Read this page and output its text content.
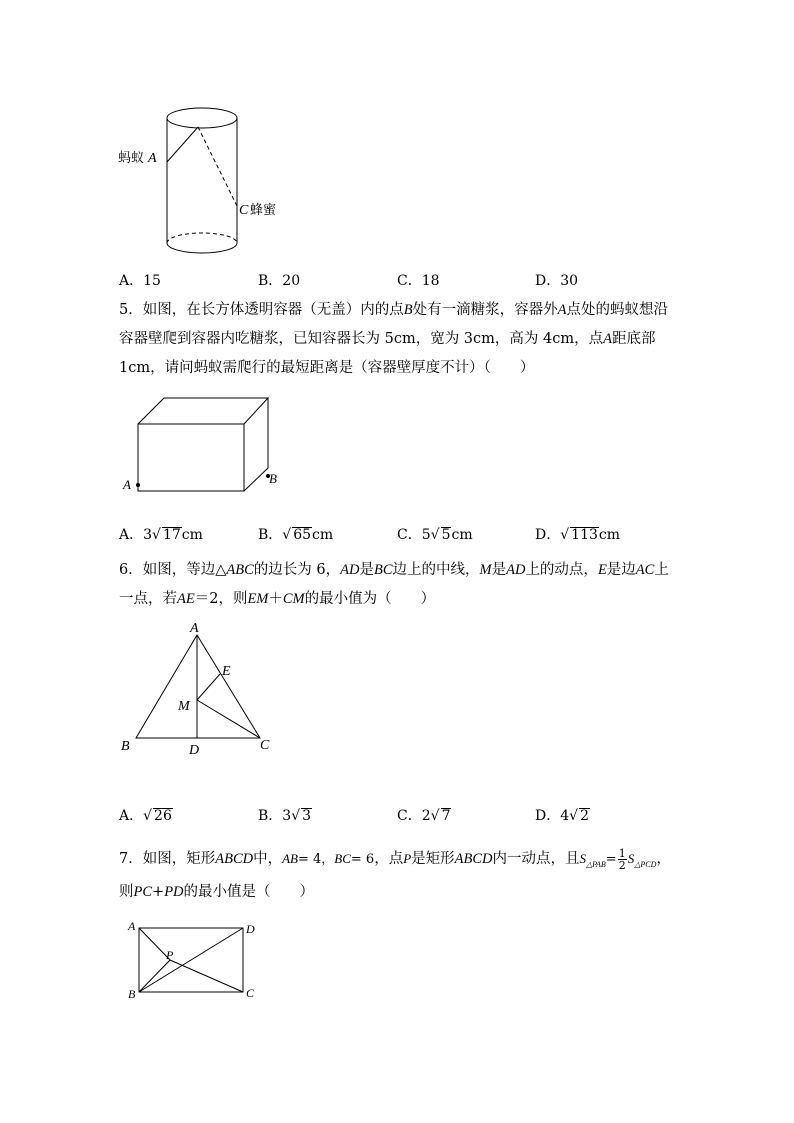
蚂蚁 A
C 蜂蜜
A．15	B．20	C．18	D．30
5．如图，在长方体透明容器（无盖）内的点B处有一滴糖浆，容器外A点处的蚂蚁想沿容器壁爬到容器内吃糖浆，已知容器长为 5cm，宽为 3cm，高为 4cm，点A距底部 1cm，请问蚂蚁需爬行的最短距离是（容器壁厚度不计）（　　）
A	B
A．3√ 17cm	B．√ 65cm	C．5√ 5cm	D．√ 113cm
6．如图，等边△ABC的边长为 6，AD是BC边上的中线，M是AD上的动点，E是边AC上一点，若AE＝2，则EM＋CM的最小值为（　　）
A
B	C
D
E
M
A．√ 26	B．3√ 3	C．2√ 7	D．4√ 2
7．如图，矩形ABCD中，AB= 4，BC= 6，点P是矩形ABCD内一动点，且$S_{\triangle PAB}= \frac{1}{2} S_{\triangle PCD}$，
则PC+PD的最小值是（　　）
A
B	C
D
P
